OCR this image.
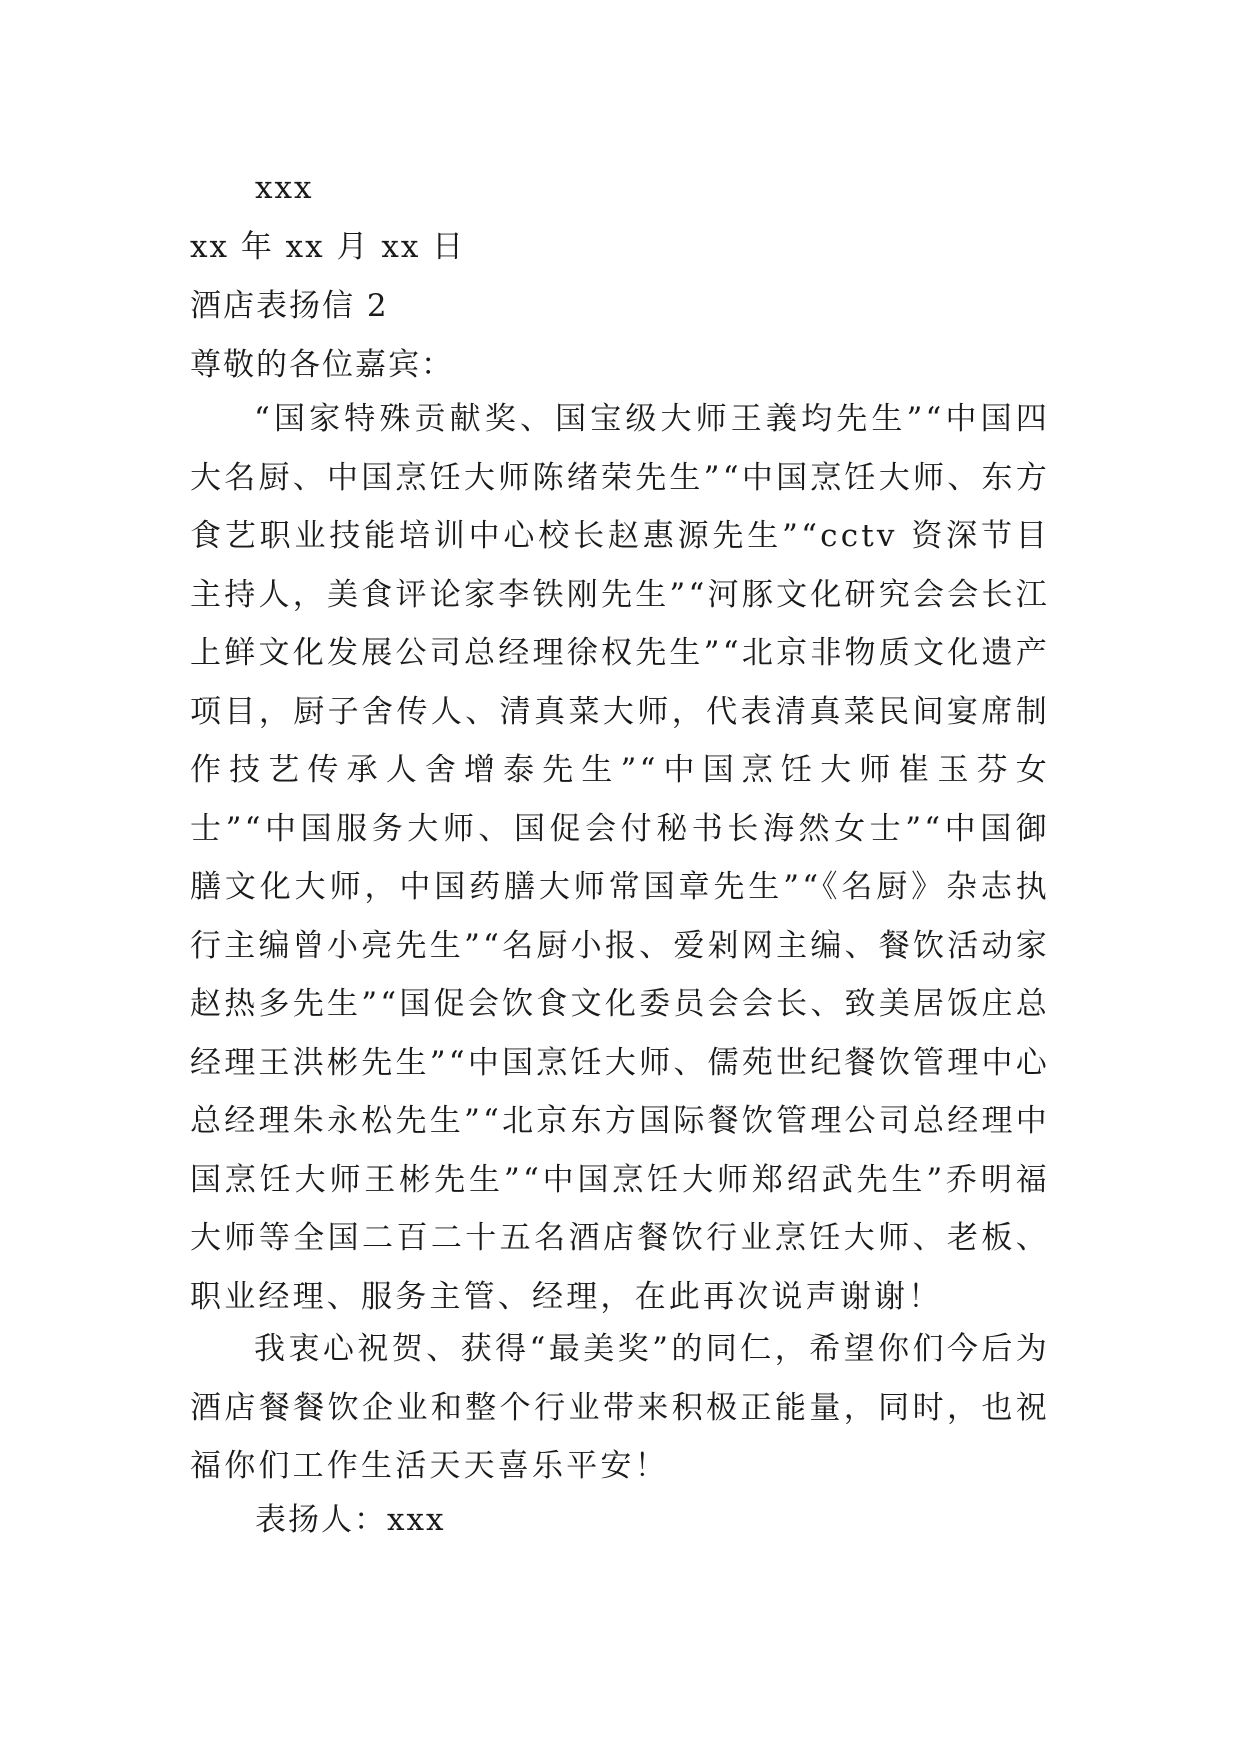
xxx
xx 年 xx 月 xx 日
酒店表扬信 2
尊敬的各位嘉宾：

“国家特殊贡献奖、国宝级大师王義均先生”“中国四大名厨、中国烹饪大师陈绪荣先生”“中国烹饪大师、东方食艺职业技能培训中心校长赵惠源先生”“cctv 资深节目主持人，美食评论家李铁刚先生”“河豚文化研究会会长江上鲜文化发展公司总经理徐权先生”“北京非物质文化遗产项目，厨子舍传人、清真菜大师，代表清真菜民间宴席制作技艺传承人舍增泰先生”“中国烹饪大师崔玉芬女士”“中国服务大师、国促会付秘书长海然女士”“中国御膳文化大师，中国药膳大师常国章先生”“《名厨》杂志执行主编曾小亮先生”“名厨小报、爱剁网主编、餐饮活动家赵热多先生”“国促会饮食文化委员会会长、致美居饭庄总经理王洪彬先生”“中国烹饪大师、儒苑世纪餐饮管理中心总经理朱永松先生”“北京东方国际餐饮管理公司总经理中国烹饪大师王彬先生”“中国烹饪大师郑绍武先生”乔明福大师等全国二百二十五名酒店餐饮行业烹饪大师、老板、职业经理、服务主管、经理，在此再次说声谢谢！

我衷心祝贺、获得“最美奖”的同仁，希望你们今后为酒店餐餐饮企业和整个行业带来积极正能量，同时，也祝福你们工作生活天天喜乐平安！

表扬人：xxx
